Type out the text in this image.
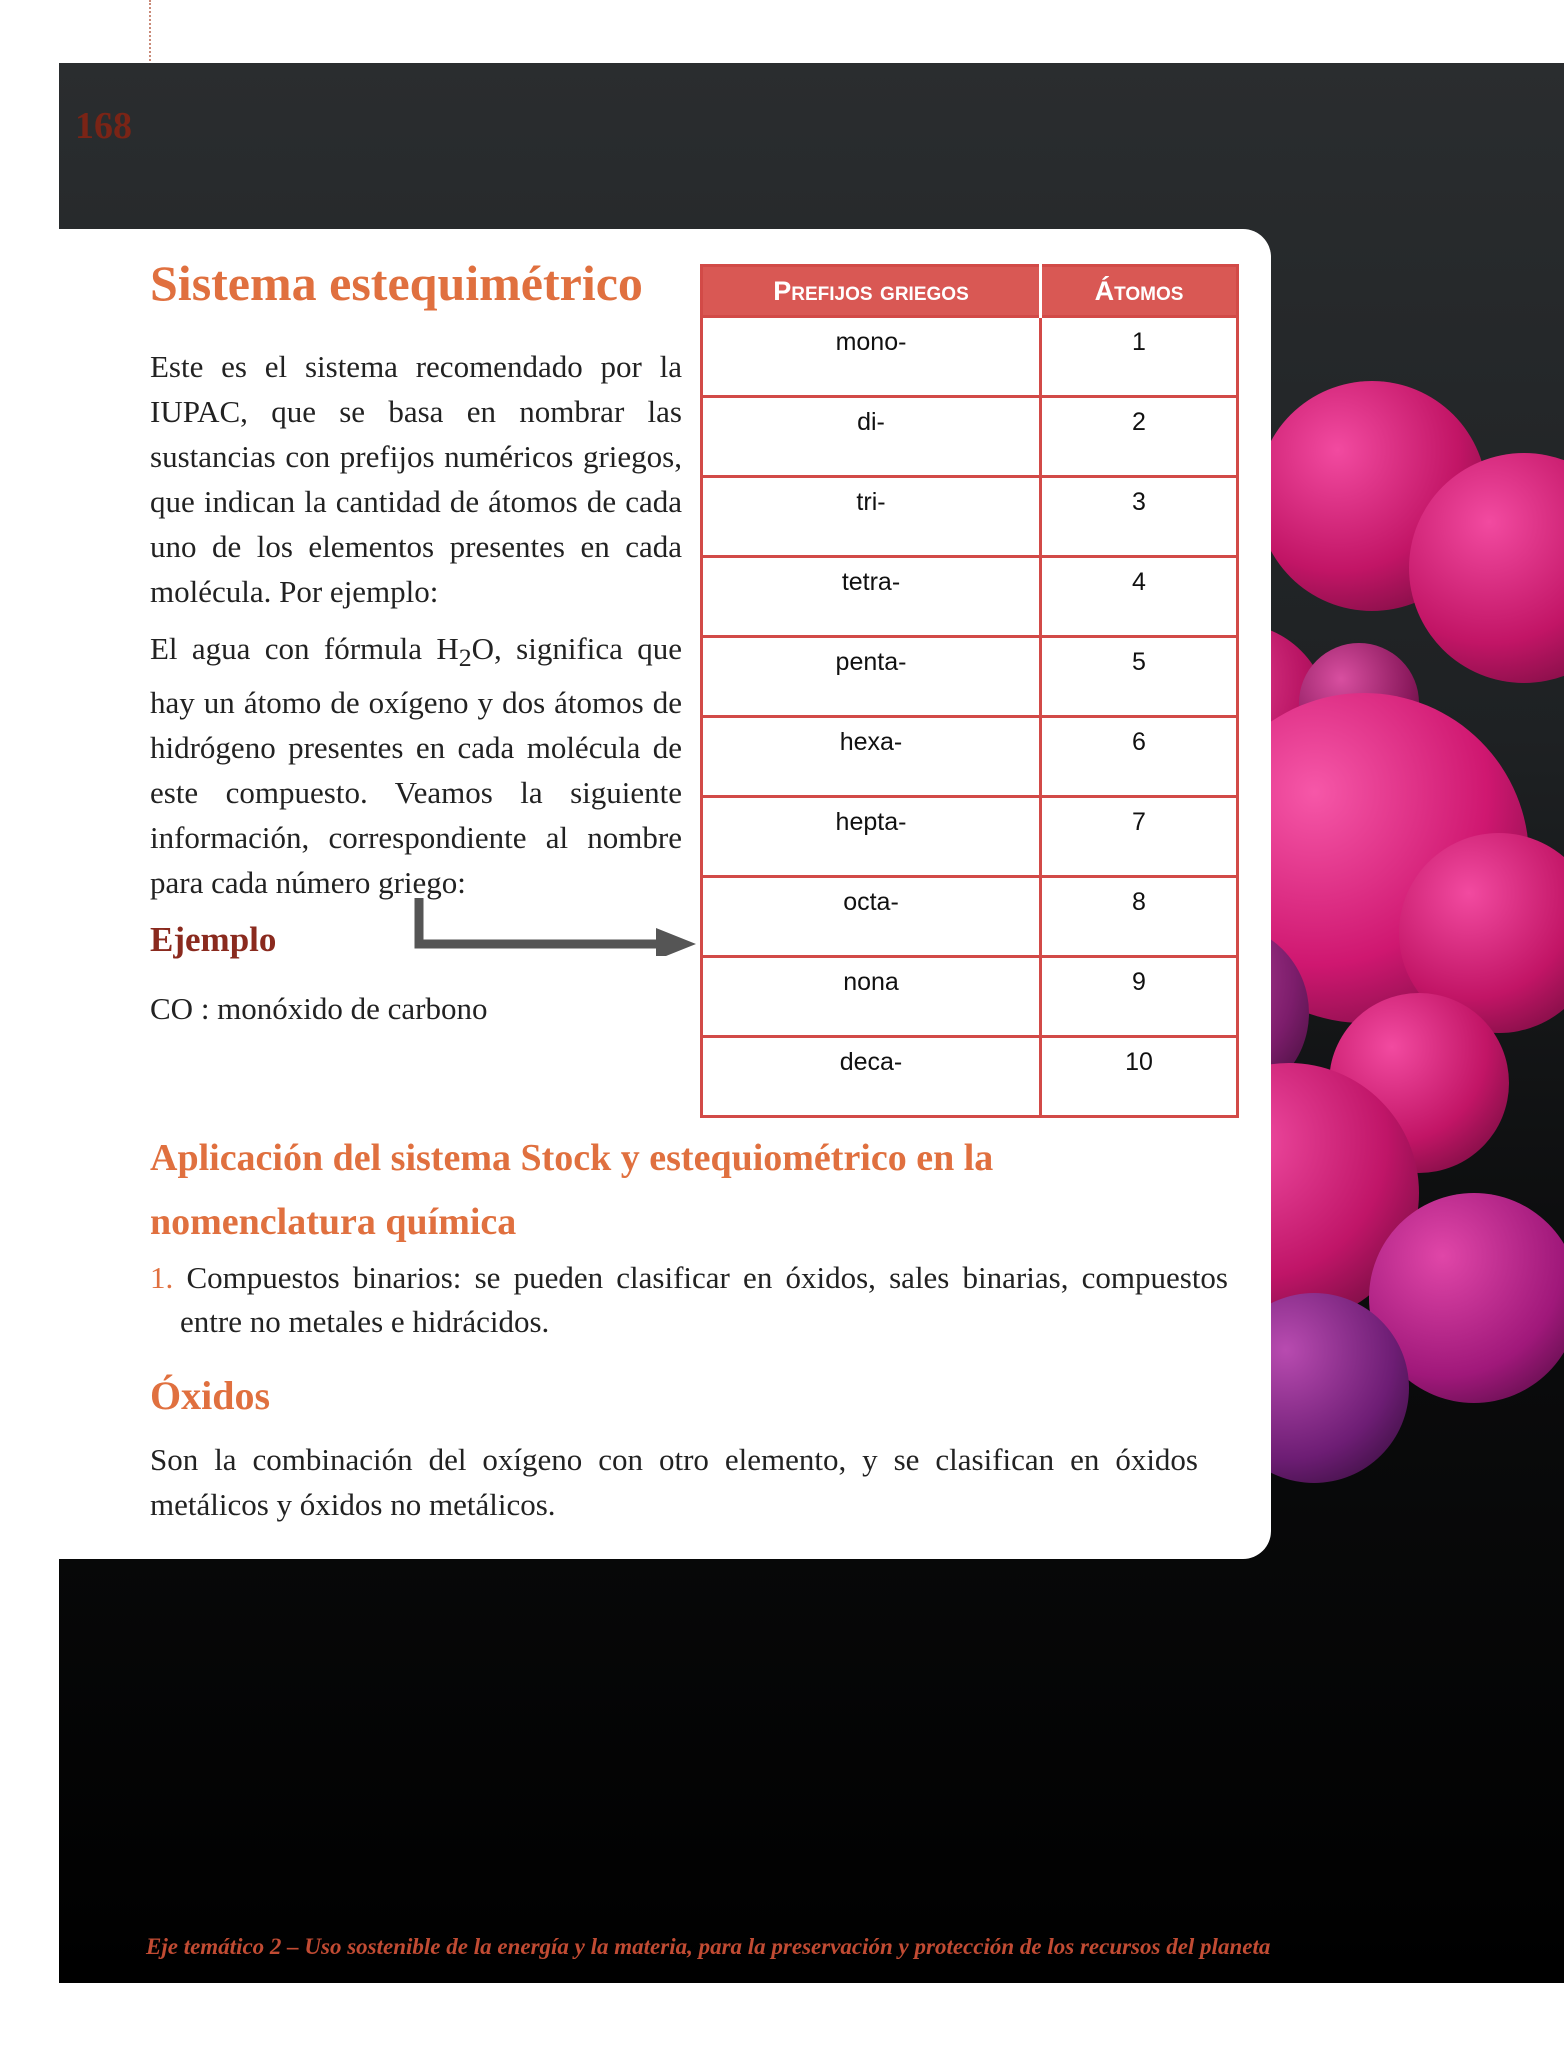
168
Sistema estequimétrico

Este es el sistema recomendado por la IUPAC, que se basa en nombrar las sustancias con prefijos numéricos griegos, que indican la cantidad de átomos de cada uno de los elementos presentes en cada molécula. Por ejemplo:

El agua con fórmula $H_2O$, significa que hay un átomo de oxígeno y dos átomos de hidrógeno presentes en cada molécula de este compuesto. Veamos la siguiente información, correspondiente al nombre para cada número griego:

Ejemplo
CO : monóxido de carbono
Prefijos griegos	Átomos
mono-	1
di-	2
tri-	3
tetra-	4
penta-	5
hexa-	6
hepta-	7
octa-	8
nona	9
deca-	10
Aplicación del sistema Stock y estequiométrico en la nomenclatura química

1. Compuestos binarios: se pueden clasificar en óxidos, sales binarias, compuestos entre no metales e hidrácidos.

Óxidos

Son la combinación del oxígeno con otro elemento, y se clasifican en óxidos metálicos y óxidos no metálicos.

Eje temático 2 – Uso sostenible de la energía y la materia, para la preservación y protección de los recursos del planeta
